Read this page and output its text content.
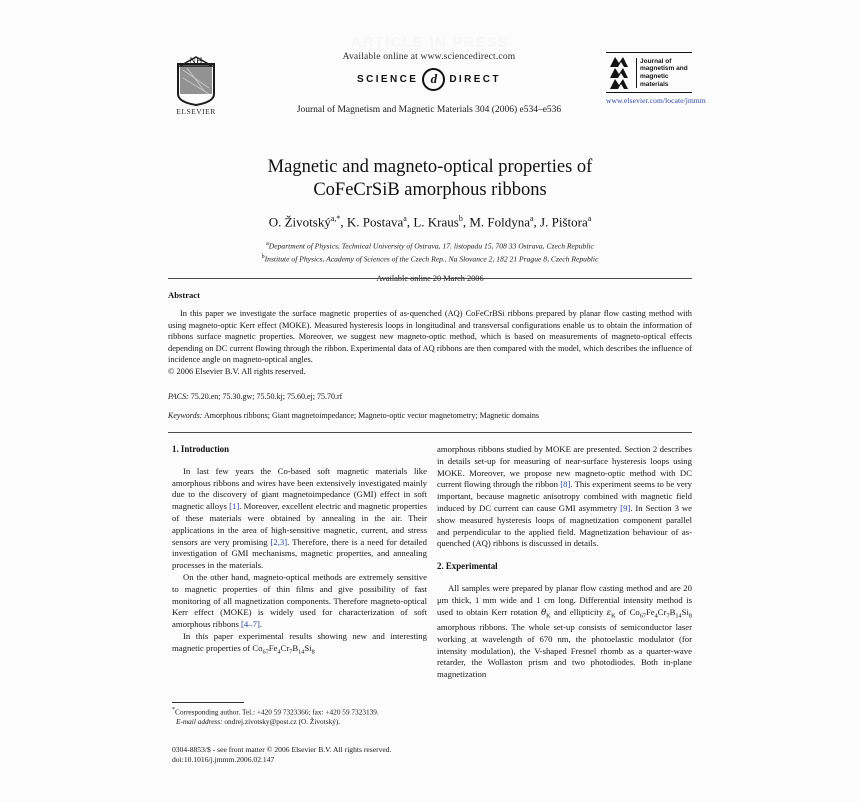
ARTICLE IN PRESS
NH
ELSEVIER
Available online at www.sciencedirect.com
SCIENCE d	DIRECT
Journal of Magnetism and Magnetic Materials 304 (2006) e534–e536
Journal of magnetism and magnetic materials
www.elsevier.com/locate/jmmm
Magnetic and magneto-optical properties of
CoFeCrSiB amorphous ribbons
O. Životský$^{a,*}$, K. Postava$^a$, L. Kraus$^b$, M. Foldyna$^a$, J. Pištora$^a$
$^a$Department of Physics, Technical University of Ostrava, 17. listopadu 15, 708 33 Ostrava, Czech Republic
$^b$Institute of Physics, Academy of Sciences of the Czech Rep., Na Slovance 2, 182 21 Prague 8, Czech Republic
Available online 20 March 2006
Abstract
In this paper we investigate the surface magnetic properties of as-quenched (AQ) CoFeCrBSi ribbons prepared by planar flow casting method with using magneto-optic Kerr effect (MOKE). Measured hysteresis loops in longitudinal and transversal configurations enable us to obtain the information of ribbons surface magnetic properties. Moreover, we suggest new magneto-optic method, which is based on measurements of magneto-optical effects depending on DC current flowing through the ribbon. Experimental data of AQ ribbons are then compared with the model, which describes the influence of incidence angle on magneto-optical angles.
© 2006 Elsevier B.V. All rights reserved.
PACS: 75.20.en; 75.30.gw; 75.50.kj; 75.60.ej; 75.70.rf
Keywords: Amorphous ribbons; Giant magnetoimpedance; Magneto-optic vector magnetometry; Magnetic domains
1. Introduction

In last few years the Co-based soft magnetic materials like amorphous ribbons and wires have been extensively investigated mainly due to the discovery of giant magnetoimpedance (GMI) effect in soft magnetic alloys [1]. Moreover, excellent electric and magnetic properties of these materials were obtained by annealing in the air. Their applications in the area of high-sensitive magnetic, current, and stress sensors are very promising [2,3]. Therefore, there is a need for detailed investigation of GMI mechanisms, magnetic properties, and annealing processes in the materials.

On the other hand, magneto-optical methods are extremely sensitive to magnetic properties of thin films and give possibility of fast monitoring of all magnetization components. Therefore magneto-optical Kerr effect (MOKE) is widely used for characterization of soft amorphous ribbons [4–7].

In this paper experimental results showing new and interesting magnetic properties of $Co_{67}Fe_4Cr_7B_{14}Si_8$

*Corresponding author. Tel.: +420 59 7323366; fax: +420 59 7323139.
E-mail address: ondrej.zivotsky@post.cz (O. Životský).

amorphous ribbons studied by MOKE are presented. Section 2 describes in details set-up for measuring of near-surface hysteresis loops using MOKE. Moreover, we propose new magneto-optic method with DC current flowing through the ribbon [8]. This experiment seems to be very important, because magnetic anisotropy combined with magnetic field induced by DC current can cause GMI asymmetry [9]. In Section 3 we show measured hysteresis loops of magnetization component parallel and perpendicular to the applied field. Magnetization behaviour of as-quenched (AQ) ribbons is discussed in details.

2. Experimental

All samples were prepared by planar flow casting method and are 20 μm thick, 1 mm wide and 1 cm long. Differential intensity method is used to obtain Kerr rotation $\theta_K$ and ellipticity $\varepsilon_K$ of $Co_{67}Fe_4Cr_7B_{14}Si_8$ amorphous ribbons. The whole set-up consists of semiconductor laser working at wavelength of 670 nm, the photoelastic modulator (for intensity modulation), the V-shaped Fresnel rhomb as a quarter-wave retarder, the Wollaston prism and two photodiodes. Both in-plane magnetization

0304-8853/$ - see front matter © 2006 Elsevier B.V. All rights reserved.
doi:10.1016/j.jmmm.2006.02.147
